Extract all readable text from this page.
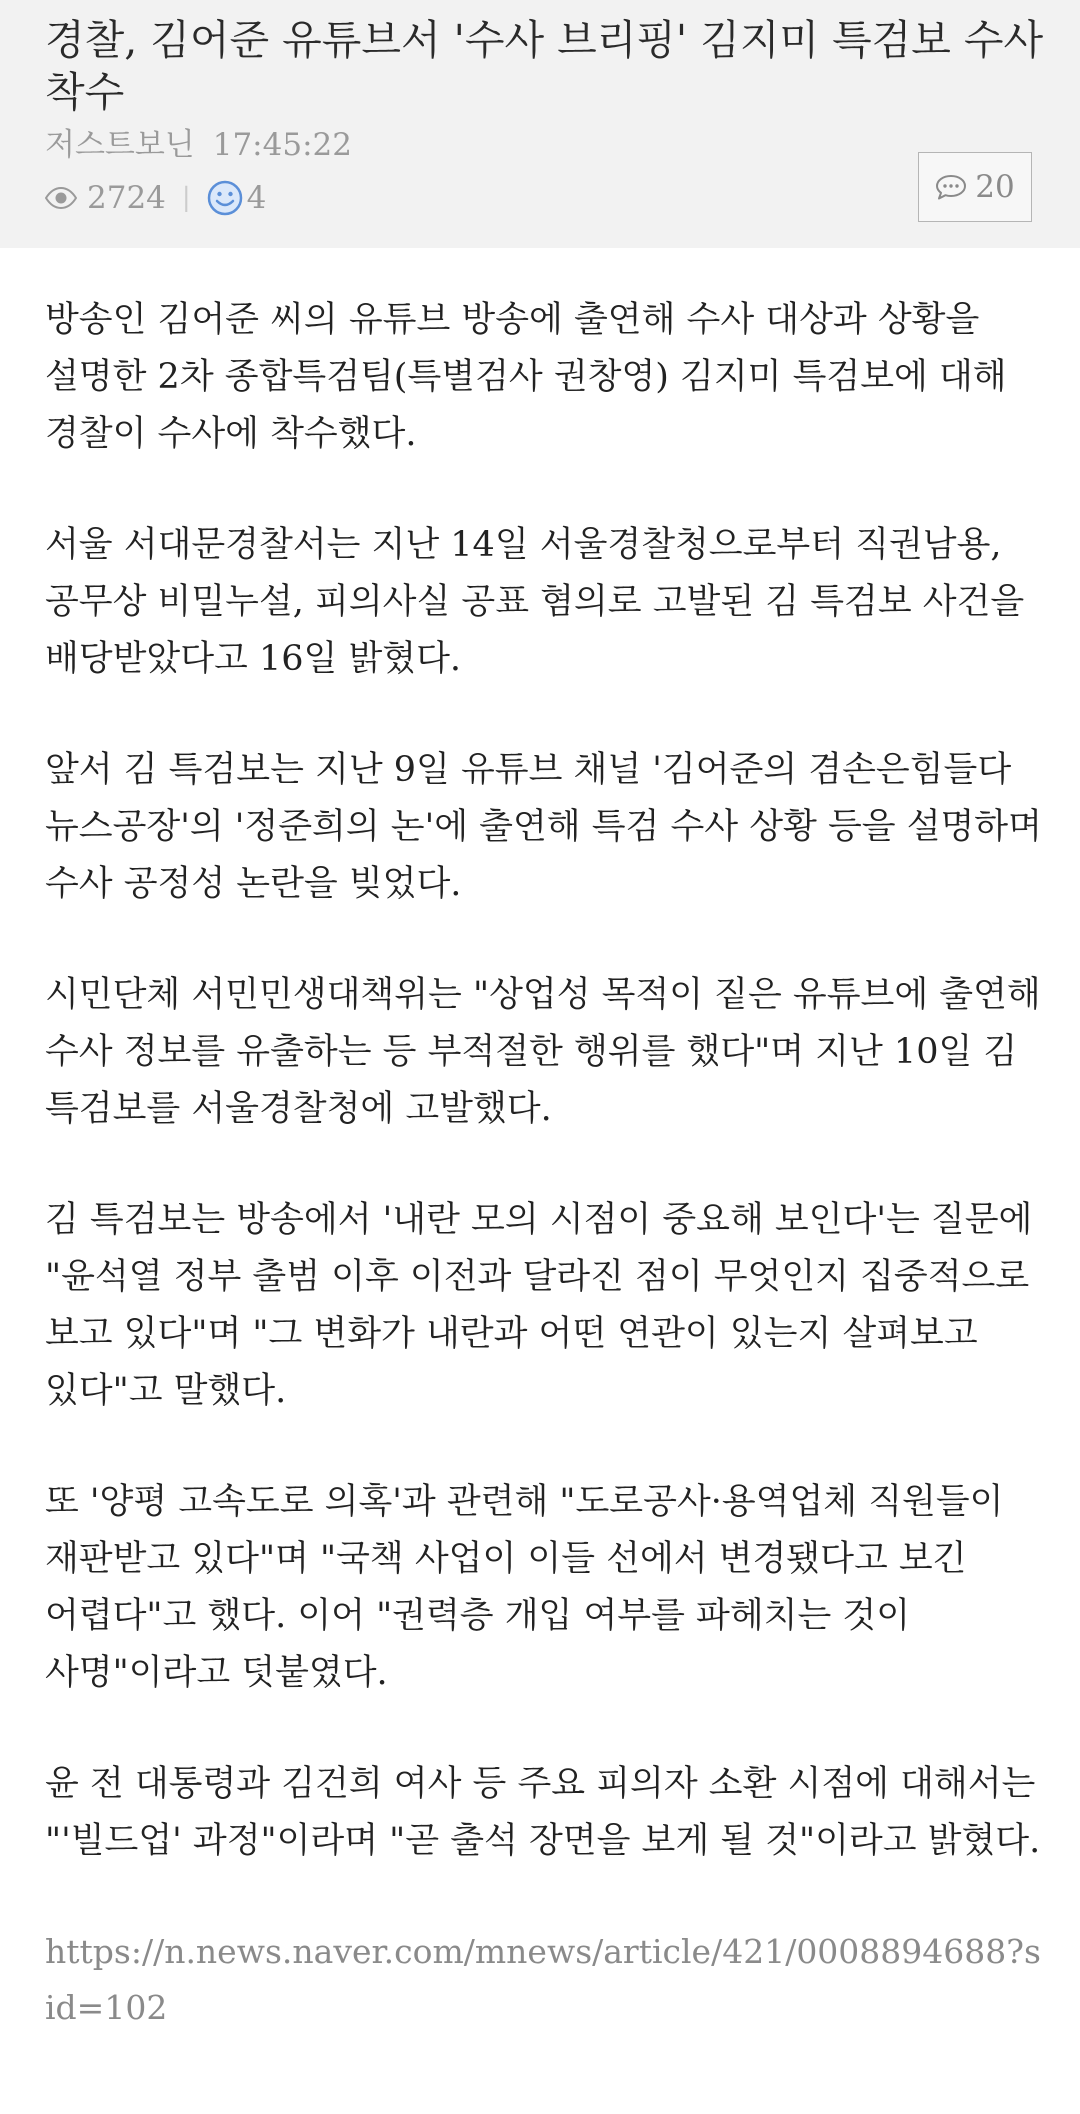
경찰, 김어준 유튜브서 '수사 브리핑' 김지미 특검보 수사 착수
저스트보닌 17:45:22
2724 | 4	20

방송인 김어준 씨의 유튜브 방송에 출연해 수사 대상과 상황을 설명한 2차 종합특검팀(특별검사 권창영) 김지미 특검보에 대해 경찰이 수사에 착수했다.

서울 서대문경찰서는 지난 14일 서울경찰청으로부터 직권남용, 공무상 비밀누설, 피의사실 공표 혐의로 고발된 김 특검보 사건을 배당받았다고 16일 밝혔다.

앞서 김 특검보는 지난 9일 유튜브 채널 '김어준의 겸손은힘들다 뉴스공장'의 '정준희의 논'에 출연해 특검 수사 상황 등을 설명하며 수사 공정성 논란을 빚었다.

시민단체 서민민생대책위는 "상업성 목적이 짙은 유튜브에 출연해 수사 정보를 유출하는 등 부적절한 행위를 했다"며 지난 10일 김 특검보를 서울경찰청에 고발했다.

김 특검보는 방송에서 '내란 모의 시점이 중요해 보인다'는 질문에 "윤석열 정부 출범 이후 이전과 달라진 점이 무엇인지 집중적으로 보고 있다"며 "그 변화가 내란과 어떤 연관이 있는지 살펴보고 있다"고 말했다.

또 '양평 고속도로 의혹'과 관련해 "도로공사·용역업체 직원들이 재판받고 있다"며 "국책 사업이 이들 선에서 변경됐다고 보긴 어렵다"고 했다. 이어 "권력층 개입 여부를 파헤치는 것이 사명"이라고 덧붙였다.

윤 전 대통령과 김건희 여사 등 주요 피의자 소환 시점에 대해서는 "'빌드업' 과정"이라며 "곧 출석 장면을 보게 될 것"이라고 밝혔다.

https://n.news.naver.com/mnews/article/421/0008894688?sid=102
